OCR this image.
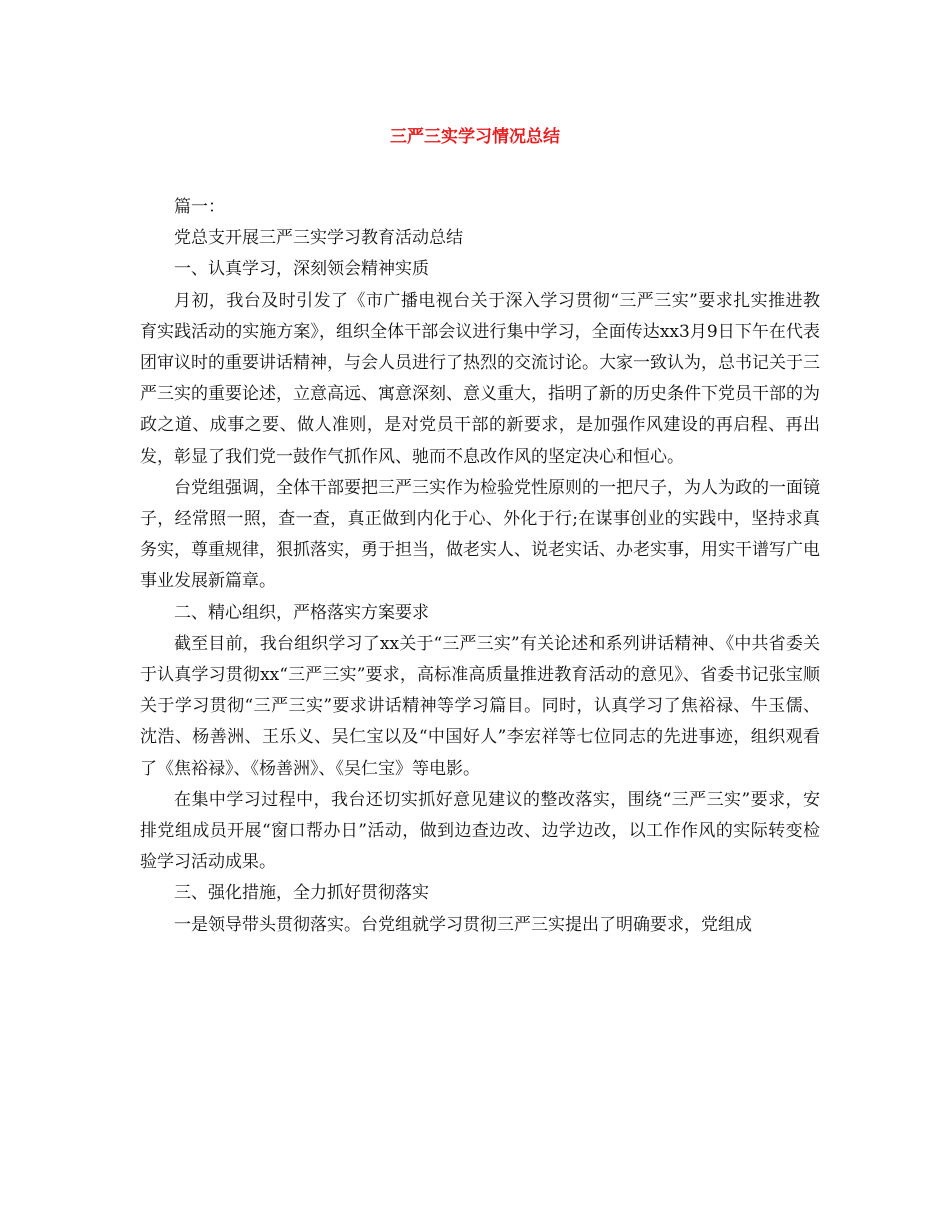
三严三实学习情况总结

篇一：

党总支开展三严三实学习教育活动总结

一、认真学习，深刻领会精神实质

月初，我台及时引发了《市广播电视台关于深入学习贯彻“三严三实”要求扎实推进教育实践活动的实施方案》，组织全体干部会议进行集中学习，全面传达xx3月9日下午在代表团审议时的重要讲话精神，与会人员进行了热烈的交流讨论。大家一致认为，总书记关于三严三实的重要论述，立意高远、寓意深刻、意义重大，指明了新的历史条件下党员干部的为政之道、成事之要、做人准则，是对党员干部的新要求，是加强作风建设的再启程、再出发，彰显了我们党一鼓作气抓作风、驰而不息改作风的坚定决心和恒心。

台党组强调，全体干部要把三严三实作为检验党性原则的一把尺子，为人为政的一面镜子，经常照一照，查一查，真正做到内化于心、外化于行;在谋事创业的实践中，坚持求真务实，尊重规律，狠抓落实，勇于担当，做老实人、说老实话、办老实事，用实干谱写广电事业发展新篇章。

二、精心组织，严格落实方案要求

截至目前，我台组织学习了xx关于“三严三实”有关论述和系列讲话精神、《中共省委关于认真学习贯彻xx“三严三实”要求，高标准高质量推进教育活动的意见》、省委书记张宝顺关于学习贯彻“三严三实”要求讲话精神等学习篇目。同时，认真学习了焦裕禄、牛玉儒、沈浩、杨善洲、王乐义、吴仁宝以及“中国好人”李宏祥等七位同志的先进事迹，组织观看了《焦裕禄》、《杨善洲》、《吴仁宝》等电影。

在集中学习过程中，我台还切实抓好意见建议的整改落实，围绕“三严三实”要求，安排党组成员开展“窗口帮办日”活动，做到边查边改、边学边改，以工作作风的实际转变检验学习活动成果。

三、强化措施，全力抓好贯彻落实

一是领导带头贯彻落实。台党组就学习贯彻三严三实提出了明确要求，党组成
